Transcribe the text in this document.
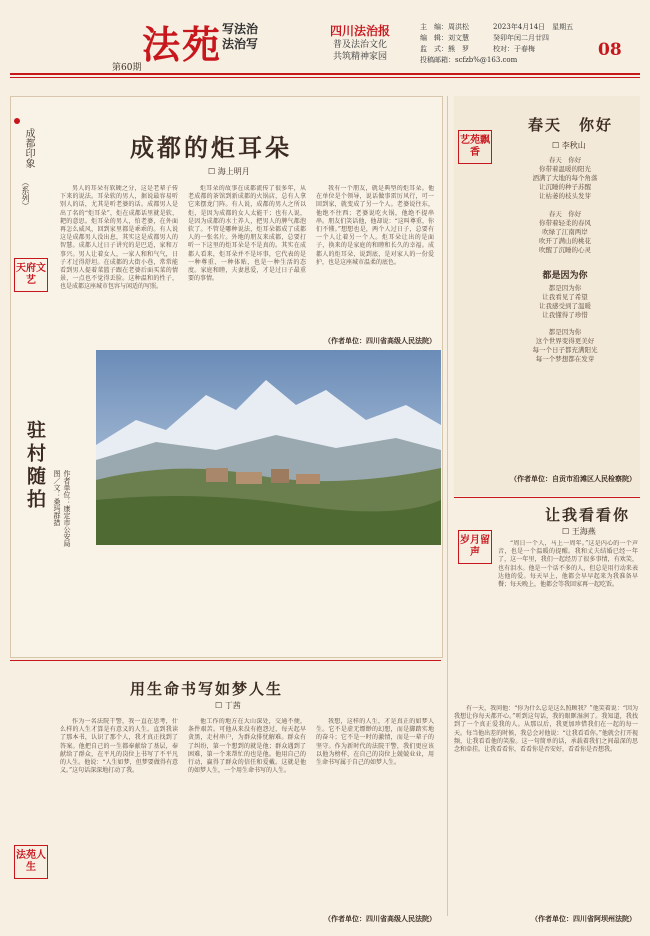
第60期
法苑 写法治
法治写
四川法治报
普及法治文化
共筑精神家园
主　编：周洪松
编　辑：刘文慧
监　式：熊　罗
投稿邮箱：scfzb%@163.com
2023年4月14日　星期五
癸卯年闰二月廿四
校对：于春梅	08
成都印象
（系列）
天府文艺
成都的炬耳朵
☐ 海上明月
男人的耳朵有软硬之分，这是老辈子传下来的说法。耳朵软的男人，据说最容易听别人的话，尤其是听老婆的话。成都男人是出了名的“炬耳朵”，炬在成都话里就是软、耙的意思。炬耳朵的男人，怕老婆，在外面再怎么威风，回到家里都是乖乖的。有人说这是成都男人没出息，其实这是成都男人的智慧。成都人过日子讲究的是巴适，家和万事兴。男人让着女人，一家人和和气气，日子才过得舒坦。在成都的大街小巷，常常能看到男人提着菜篮子跟在老婆后面买菜的情景，一点也不觉得丢脸。这种温和的性子，也是成都这座城市包容与闲适的写照。
炬耳朵的故事在成都流传了很多年，从老成都的茶馆到新成都的火锅店，总有人拿它来摆龙门阵。有人说，成都的男人之所以炬，是因为成都的女人太能干；也有人说，是因为成都的水土养人，把男人的脾气都泡软了。不管是哪种说法，炬耳朵都成了成都人的一张名片。外地的朋友来成都，总要打听一下这里的炬耳朵是不是真的。其实在成都人看来，炬耳朵并不是坏事，它代表的是一种尊重、一种体贴，也是一种生活的态度。家庭和睦，夫妻恩爱，才是过日子最重要的事情。
我有一个朋友，就是典型的炬耳朵。他在单位是个领导，说话做事雷厉风行，可一回到家，就变成了另一个人。老婆说往东，他绝不往西；老婆说吃火锅，他绝不提串串。朋友们笑话他，他却说：“这叫尊重，你们不懂。”想想也是，两个人过日子，总要有一个人让着另一个人。炬耳朵让出的是面子，换来的是家庭的和睦和长久的幸福。成都人的炬耳朵，说到底，是对家人的一份爱护，也是这座城市温柔的底色。
（作者单位：四川省高级人民法院）
驻村随拍	作者单位：康定市公安局
图／文：桑玛群措
用生命书写如梦人生
☐ 丁茜
法苑人生
作为一名法院干警，我一直在思考，什么样的人生才算是有意义的人生。直到我读了那本书，认识了那个人，我才真正找到了答案。他把自己的一生都奉献给了基层，奉献给了群众，在平凡的岗位上书写了不平凡的人生。他说：“人生如梦，但梦要做得有意义。”这句话深深地打动了我。
他工作的地方在大山深处，交通不便，条件艰苦。可他从来没有抱怨过，每天起早贪黑，走村串户，为群众排忧解难。群众有了纠纷，第一个想到的就是他；群众遇到了困难，第一个来帮忙的也是他。他用自己的行动，赢得了群众的信任和爱戴。这就是他的如梦人生，一个用生命书写的人生。
我想，这样的人生，才是真正的如梦人生。它不是虚无缥缈的幻想，而是脚踏实地的奋斗；它不是一时的激情，而是一辈子的坚守。作为新时代的法院干警，我们更应该以他为榜样，在自己的岗位上兢兢业业，用生命书写属于自己的如梦人生。
（作者单位：四川省高级人民法院）
艺苑飘香
春天　你好
☐ 李秋山
春天　你好
你带着温暖的阳光
洒满了大地的每个角落
让沉睡的种子苏醒
让枯萎的枝头发芽
春天　你好
你带着轻柔的春风
吹绿了江南两岸
吹开了满山的桃花
吹醒了沉睡的心灵
都是因为你
都是因为你
让我看见了希望
让我感受到了温暖
让我懂得了珍惜
都是因为你
这个世界变得更美好
每一个日子都充满阳光
每一个梦想都在发芽
（作者单位：自贡市沿滩区人民检察院）
让我看看你
☐ 王海燕
岁月留声
“周日一个人，马上一周年。”这是内心的一个声音，也是一个温暖的提醒。我和丈夫结婚已经一年了，这一年里，我们一起经历了很多事情，有欢笑，也有泪水。他是一个话不多的人，但总是用行动来表达他的爱。每天早上，他都会早早起来为我准备早餐；每天晚上，他都会等我回家再一起吃饭。
有一天，我问他：“你为什么总是这么照顾我？”他笑着说：“因为我想让你每天都开心。”听到这句话，我的眼眶湿润了。我知道，我找到了一个真正爱我的人。从那以后，我更加珍惜我们在一起的每一天。每当他出差的时候，我总会对他说：“让我看看你。”他就会打开视频，让我看看他的笑脸。这一句简单的话，承载着我们之间最深的思念和牵挂。让我看看你，看看你是否安好，看看你是否想我。
（作者单位：四川省阿坝州法院）
